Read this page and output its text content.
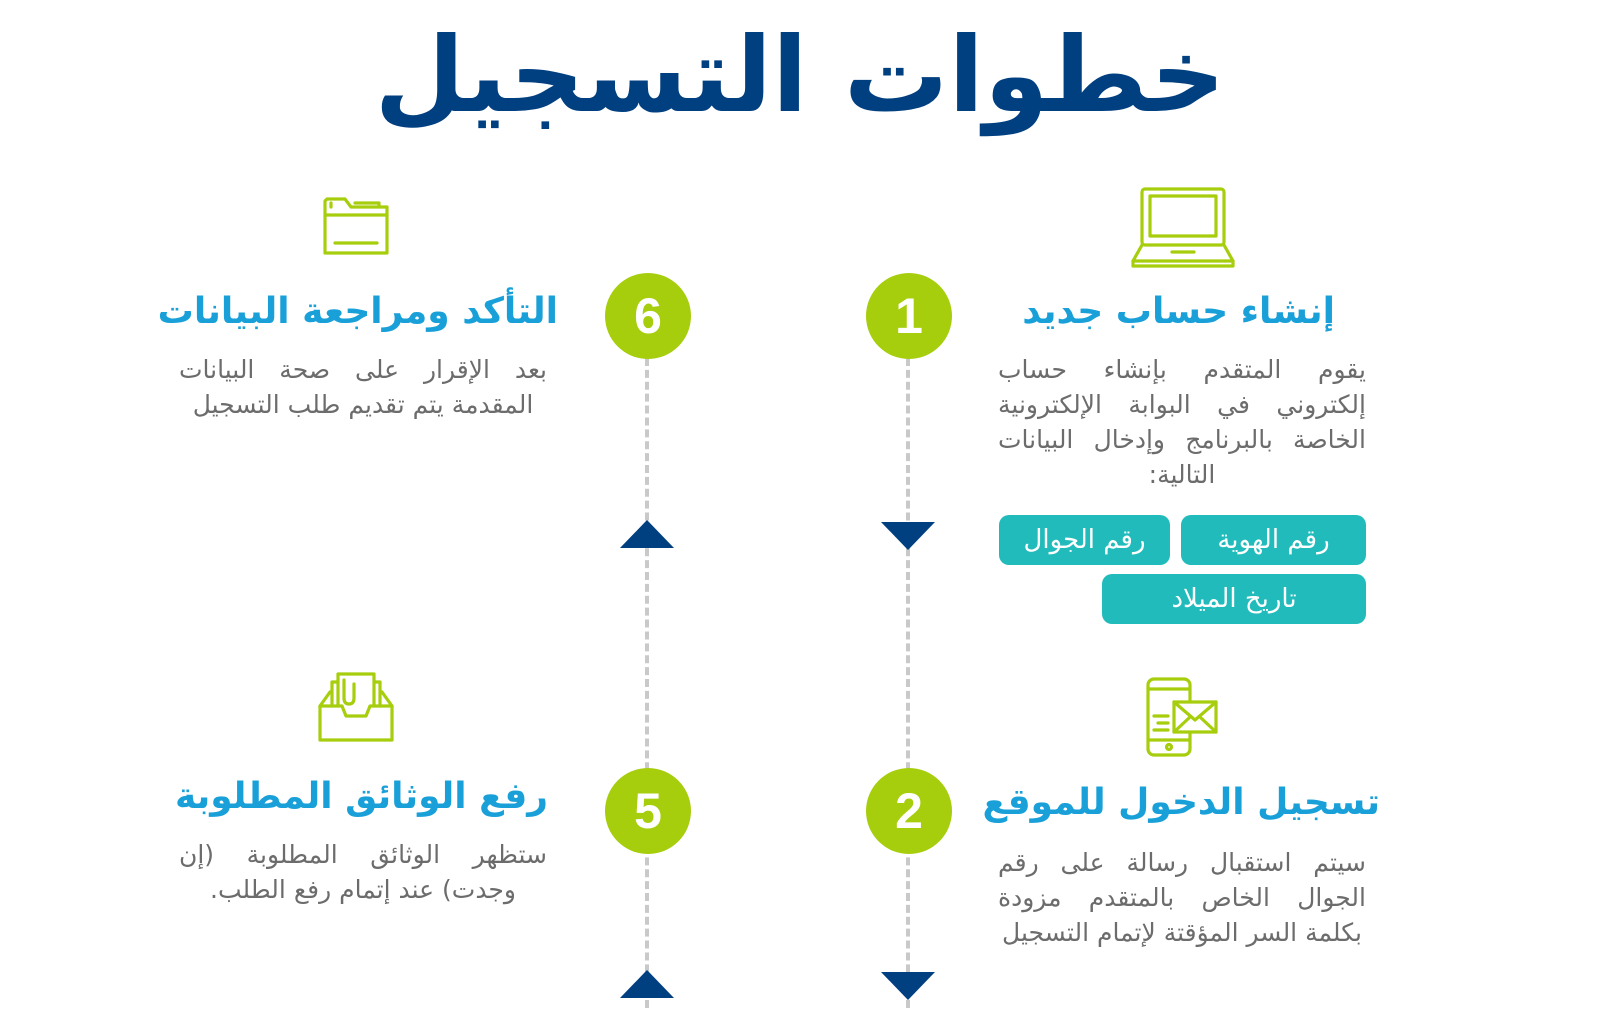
خطوات التسجيل
1	إنشاء حساب جديد
يقوم المتقدم بإنشاء حساب إلكتروني في البوابة الإلكترونية الخاصة بالبرنامج وإدخال البيانات التالية:
رقم الهوية
رقم الجوال
تاريخ الميلاد
2	تسجيل الدخول للموقع
سيتم استقبال رسالة على رقم الجوال الخاص بالمتقدم مزودة بكلمة السر المؤقتة لإتمام التسجيل
6
التأكد ومراجعة البيانات
بعد الإقرار على صحة البيانات المقدمة يتم تقديم طلب التسجيل
5
رفع الوثائق المطلوبة
ستظهر الوثائق المطلوبة (إن وجدت) عند إتمام رفع الطلب.
